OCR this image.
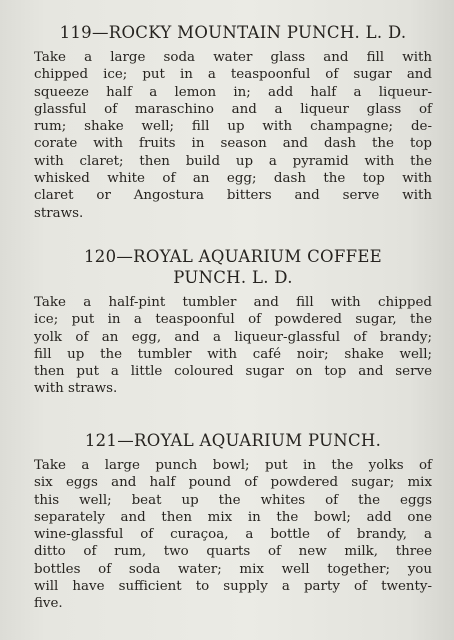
119—ROCKY MOUNTAIN PUNCH. L. D.

Take a large soda water glass and fill with
chipped ice; put in a teaspoonful of sugar and
squeeze half a lemon in; add half a liqueur-
glassful of maraschino and a liqueur glass of
rum; shake well; fill up with champagne; de-
corate with fruits in season and dash the top
with claret; then build up a pyramid with the
whisked white of an egg; dash the top with
claret or Angostura bitters and serve with
straws.

120—ROYAL AQUARIUM COFFEE
PUNCH. L. D.

Take a half-pint tumbler and fill with chipped
ice; put in a teaspoonful of powdered sugar, the
yolk of an egg, and a liqueur-glassful of brandy;
fill up the tumbler with café noir; shake well;
then put a little coloured sugar on top and serve
with straws.

121—ROYAL AQUARIUM PUNCH.

Take a large punch bowl; put in the yolks of
six eggs and half pound of powdered sugar; mix
this well; beat up the whites of the eggs
separately and then mix in the bowl; add one
wine-glassful of curaçoa, a bottle of brandy, a
ditto of rum, two quarts of new milk, three
bottles of soda water; mix well together; you
will have sufficient to supply a party of twenty-
five.
